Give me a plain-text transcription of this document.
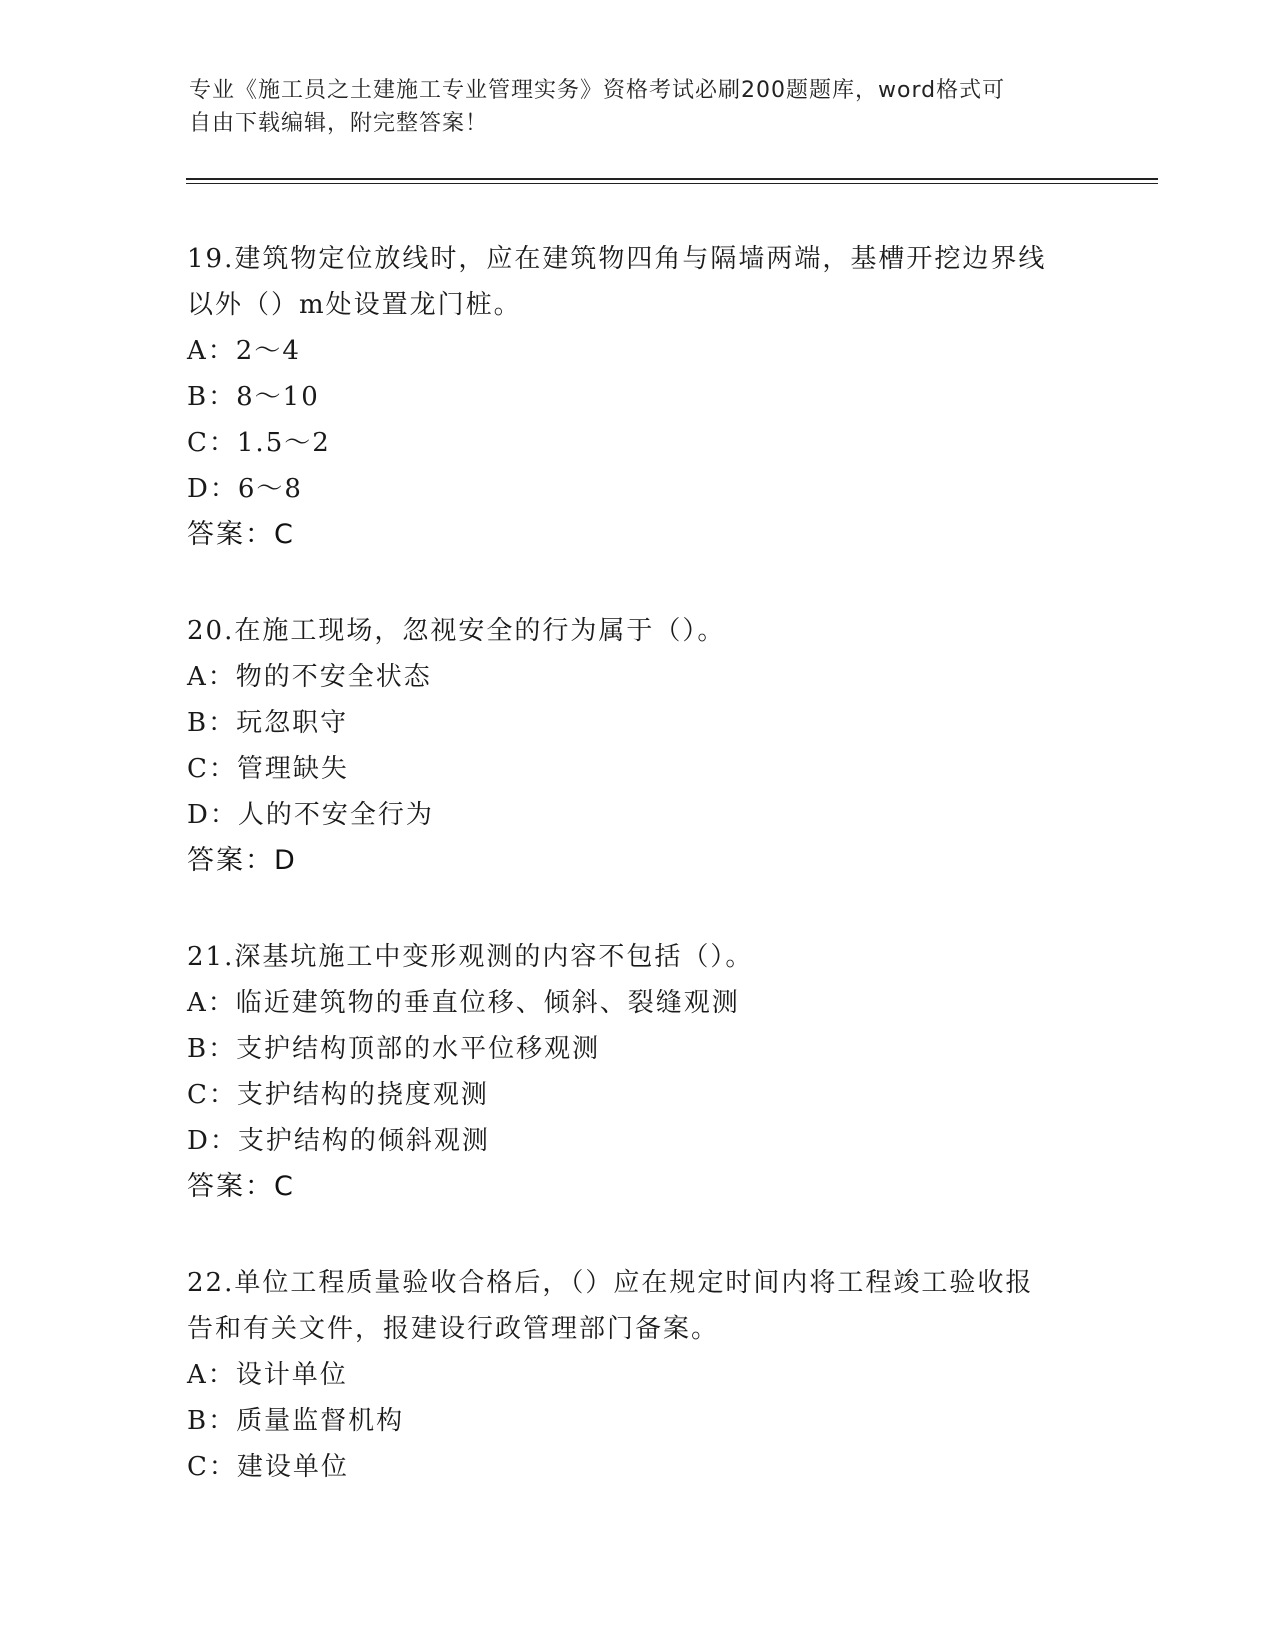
专业《施工员之土建施工专业管理实务》资格考试必刷200题题库，word格式可
自由下载编辑，附完整答案！
19.建筑物定位放线时，应在建筑物四角与隔墙两端，基槽开挖边界线
以外（）m处设置龙门桩。
A：2～4
B：8～10
C：1.5～2
D：6～8
答案：C
20.在施工现场，忽视安全的行为属于（）。
A：物的不安全状态
B：玩忽职守
C：管理缺失
D：人的不安全行为
答案：D
21.深基坑施工中变形观测的内容不包括（）。
A：临近建筑物的垂直位移、倾斜、裂缝观测
B：支护结构顶部的水平位移观测
C：支护结构的挠度观测
D：支护结构的倾斜观测
答案：C
22.单位工程质量验收合格后，（）应在规定时间内将工程竣工验收报
告和有关文件，报建设行政管理部门备案。
A：设计单位
B：质量监督机构
C：建设单位
